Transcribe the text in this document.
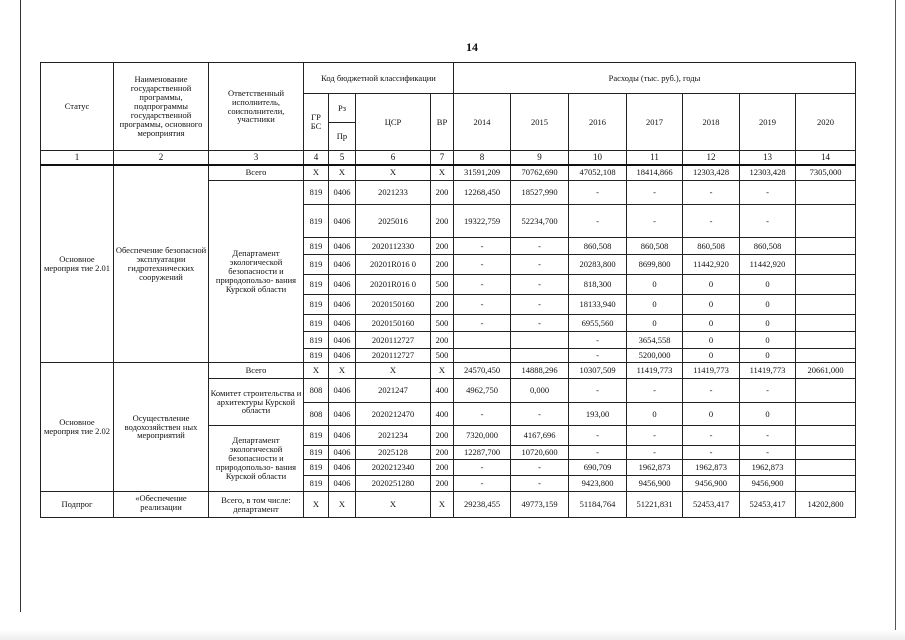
14
Статус	Наименование государственной программы, подпрограммы государственной программы, основного мероприятия	Ответственный исполнитель, соисполнители, участники	Код бюджетной классификации				Расходы (тыс. руб.), годы						
			ГР БС	Рз	ЦСР	ВР	2014	2015	2016	2017	2018	2019	2020
				Пр									
1	2	3	4	5	6	7	8	9	10	11	12	13	14
Основное мероприя тие 2.01	Обеспечение безопасной эксплуатации гидротехнических сооружений	Всего	X	X	X	X	31591,209	70762,690	47052,108	18414,866	12303,428	12303,428	7305,000
		Департамент экологической безопасности и природопользо- вания Курской области	819	0406	2021233	200	12268,450	18527,990	-	-	-	-	
			819	0406	2025016	200	19322,759	52234,700	-	-	-	-	
			819	0406	2020112330	200	-	-	860,508	860,508	860,508	860,508	
			819	0406	20201R016 0	200	-	-	20283,800	8699,800	11442,920	11442,920	
			819	0406	20201R016 0	500	-	-	818,300	0	0	0	
			819	0406	2020150160	200	-	-	18133,940	0	0	0	
			819	0406	2020150160	500	-	-	6955,560	0	0	0	
			819	0406	2020112727	200			-	3654,558	0	0	
			819	0406	2020112727	500			-	5200,000	0	0	
Основное мероприя тие 2.02	Осуществление водохозяйствен ных мероприятий	Всего	X	X	X	X	24570,450	14888,296	10307,509	11419,773	11419,773	11419,773	20661,000
		Комитет строительства и архитектуры Курской области	808	0406	2021247	400	4962,750	0,000	-	-	-	-	
			808	0406	2020212470	400	-	-	193,00	0	0	0	
		Департамент экологической безопасности и природопользо- вания Курской области	819	0406	2021234	200	7320,000	4167,696	-	-	-	-	
			819	0406	2025128	200	12287,700	10720,600	-	-	-	-	
			819	0406	2020212340	200	-	-	690,709	1962,873	1962,873	1962,873	
			819	0406	2020251280	200	-	-	9423,800	9456,900	9456,900	9456,900	
Подпрог	«Обеспечение реализации	Всего, в том числе: департамент	X	X	X	X	29238,455	49773,159	51184,764	51221,831	52453,417	52453,417	14202,800
